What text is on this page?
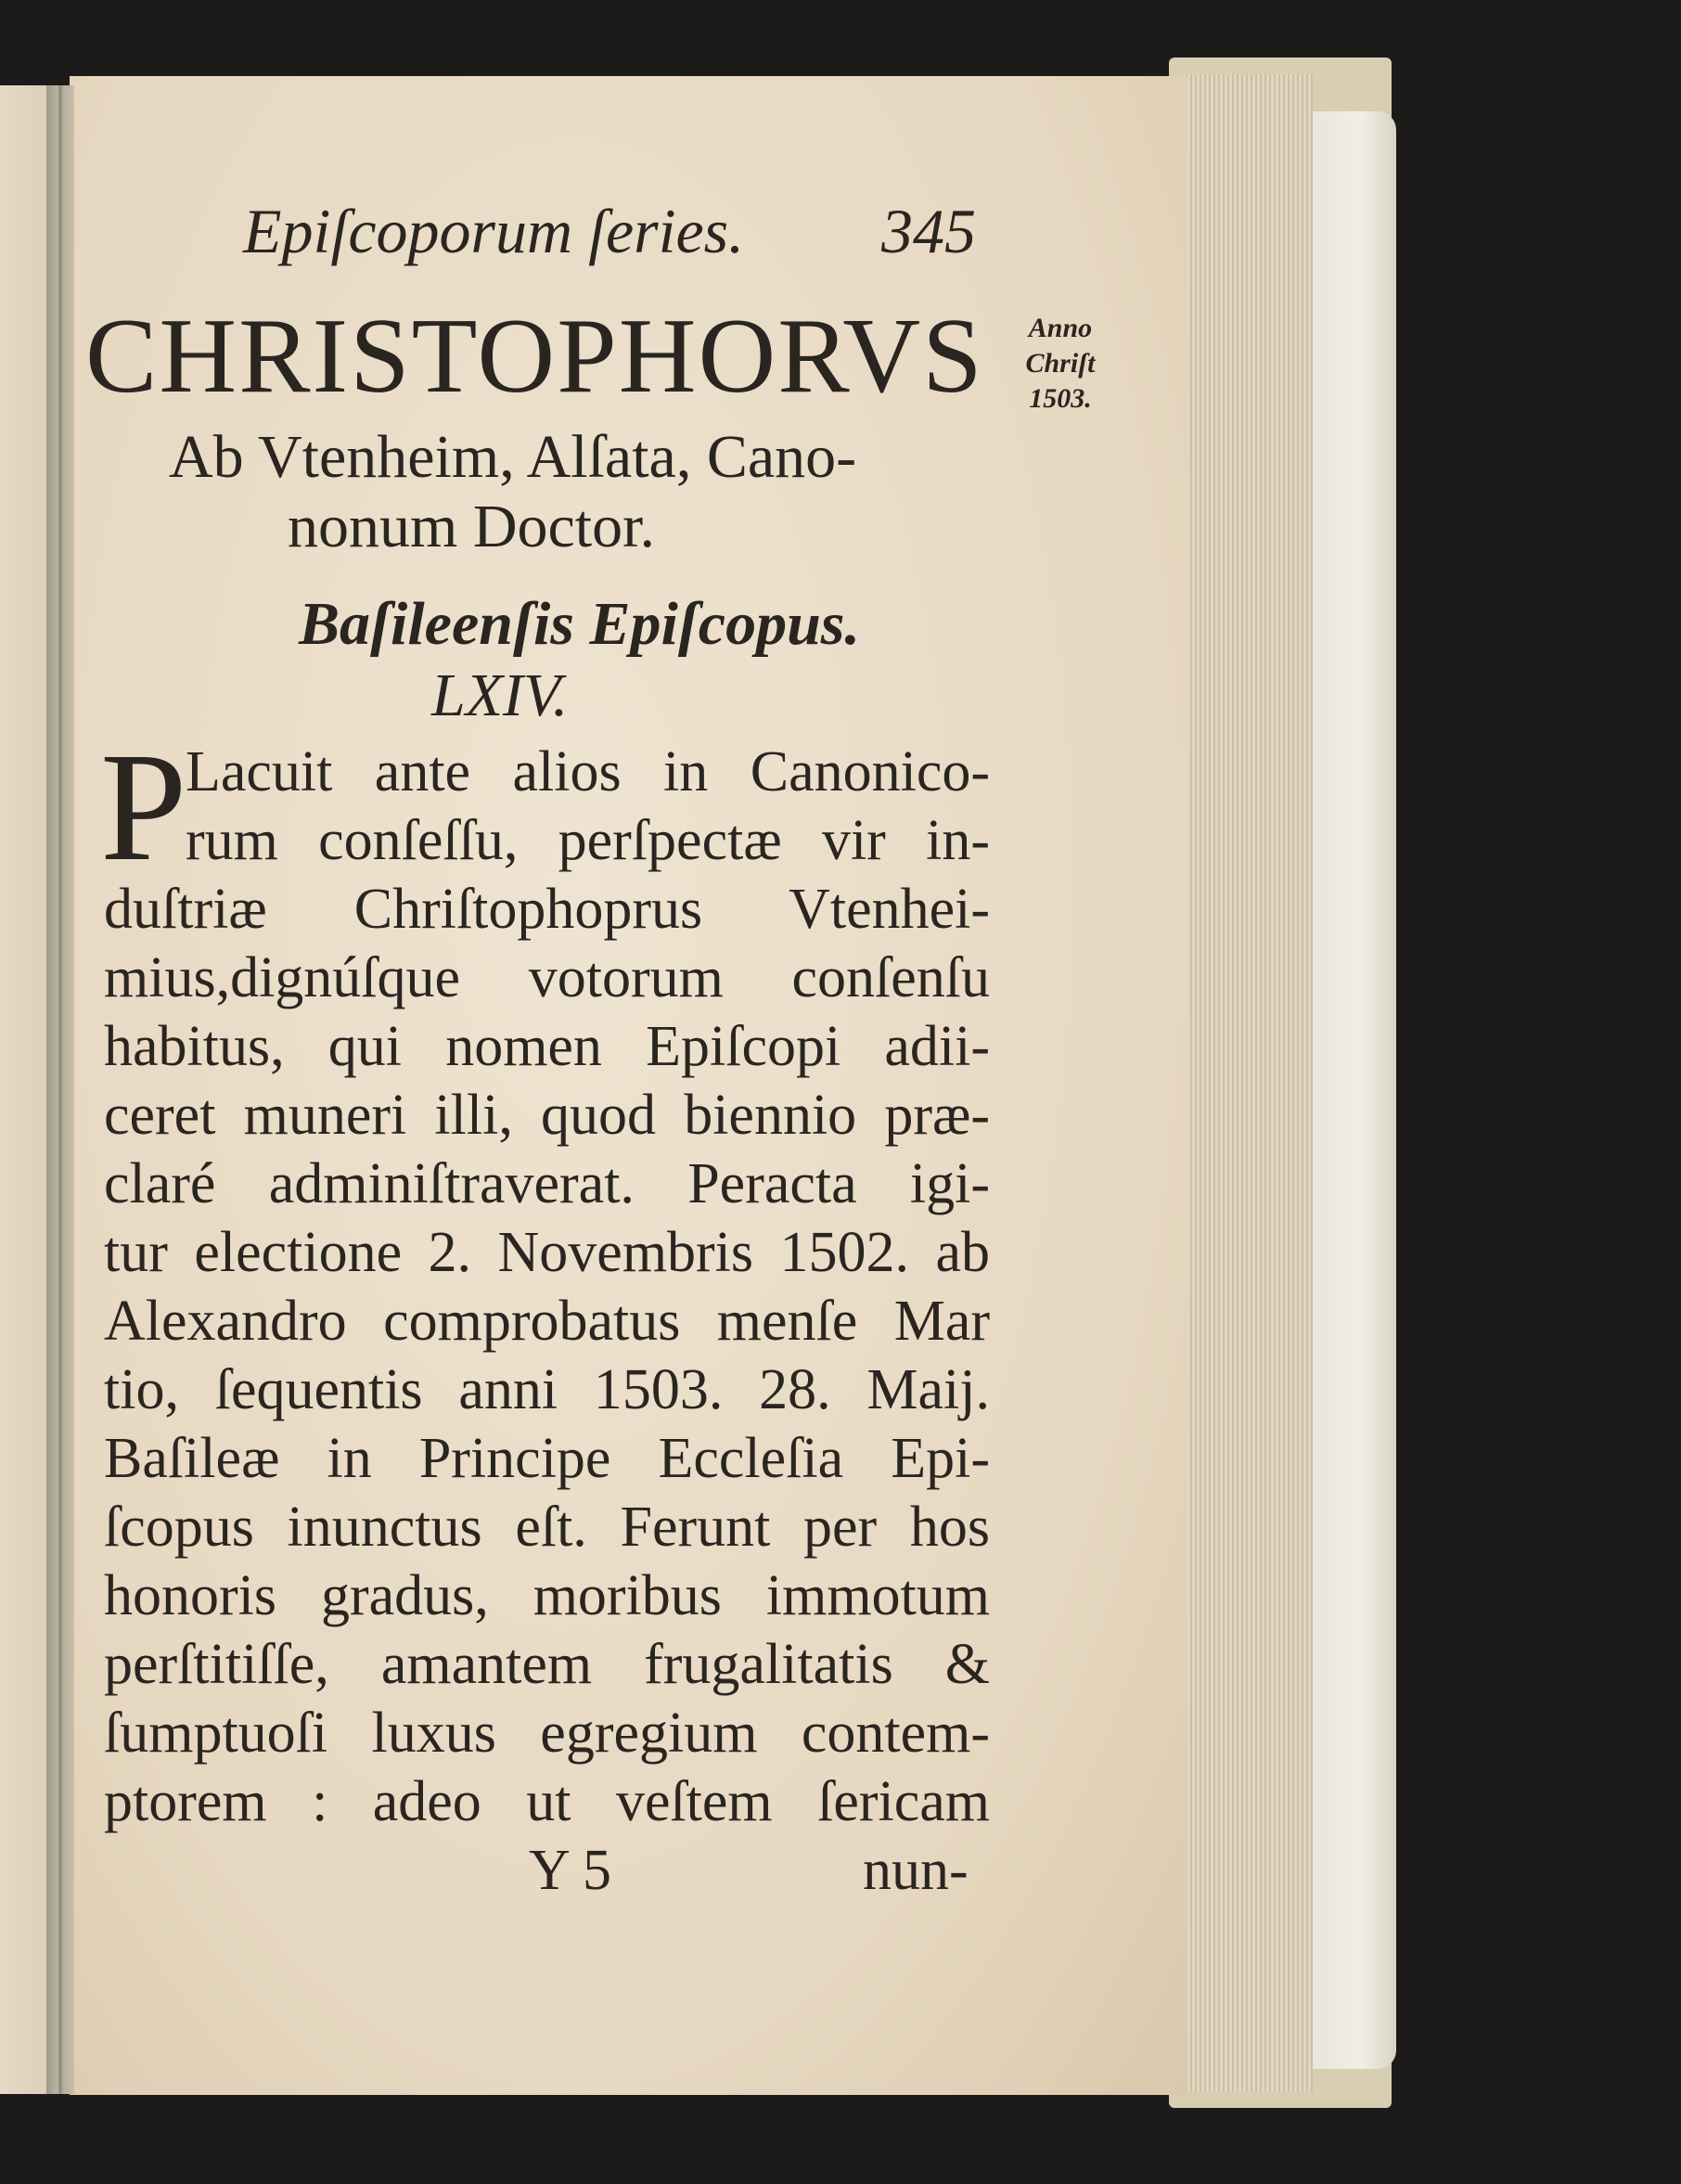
Epiſcoporum ſeries. 345
CHRISTOPHORVS	Anno
Chriſt
1503.
Ab Vtenheim, Alſata, Cano-
nonum Doctor.
Baſileenſis Epiſcopus.
LXIV.
P
Lacuit ante alios in Canonico-
rum conſeſſu, perſpectæ vir in-
duſtriæ Chriſtophoprus Vtenhei-
mius,dignúſque votorum conſenſu
habitus, qui nomen Epiſcopi adii-
ceret muneri illi, quod biennio præ-
claré adminiſtraverat. Peracta igi-
tur electione 2. Novembris 1502. ab
Alexandro comprobatus menſe Mar
tio, ſequentis anni 1503. 28. Maij.
Baſileæ in Principe Eccleſia Epi-
ſcopus inunctus eſt. Ferunt per hos
honoris gradus, moribus immotum
perſtitiſſe, amantem frugalitatis &
ſumptuoſi luxus egregium contem-
ptorem : adeo ut veſtem ſericam
Y 5	nun-
